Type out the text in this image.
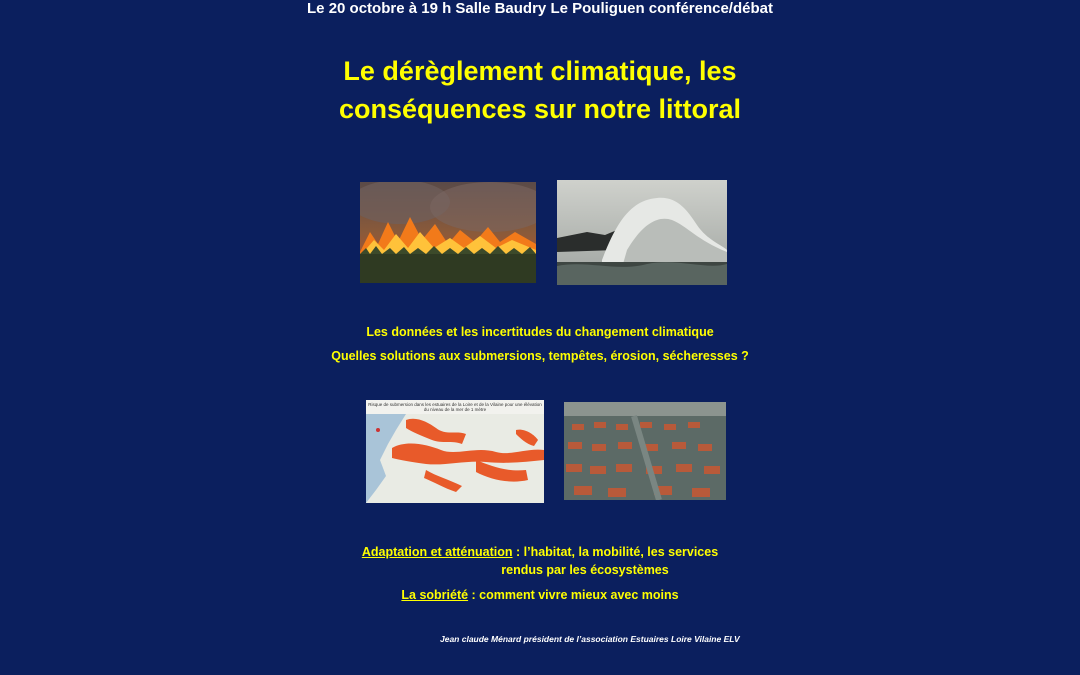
Le 20 octobre à 19 h Salle Baudry Le Pouliguen conférence/débat
Le dérèglement climatique, les
conséquences sur notre littoral
Les données et les incertitudes du changement climatique
Quelles solutions aux submersions, tempêtes, érosion, sécheresses ?
Risque de submersion dans les estuaires de la Loire et de la Vilaine pour une élévation du niveau de la mer de 1 mètre
Adaptation et atténuation : l’habitat, la mobilité, les services
rendus par les écosystèmes
La sobriété : comment vivre mieux avec moins
Jean claude Ménard président de l’association Estuaires Loire Vilaine ELV
